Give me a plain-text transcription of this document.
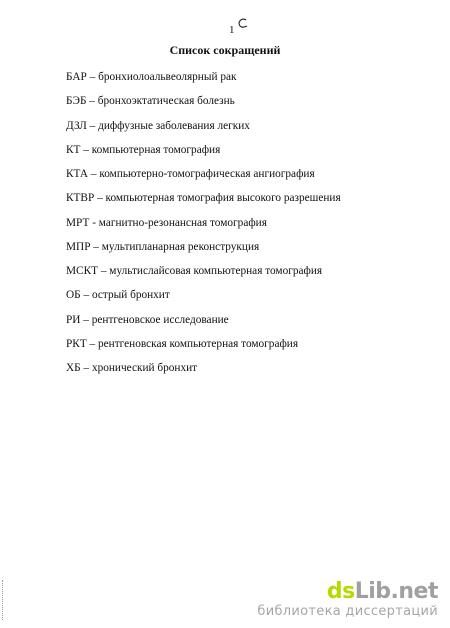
1
Список сокращений
БАР – бронхиолоальвеолярный рак
БЭБ – бронхоэктатическая болезнь
ДЗЛ – диффузные заболевания легких
КТ – компьютерная томография
КТА – компьютерно-томографическая ангиография
КТВР – компьютерная томография высокого разрешения
МРТ - магнитно-резонансная томография
МПР – мультипланарная реконструкция
МСКТ – мультислайсовая компьютерная томография
ОБ – острый бронхит
РИ – рентгеновское исследование
РКТ – рентгеновская компьютерная томография
ХБ – хронический бронхит
dsLib.net
библиотека диссертаций
